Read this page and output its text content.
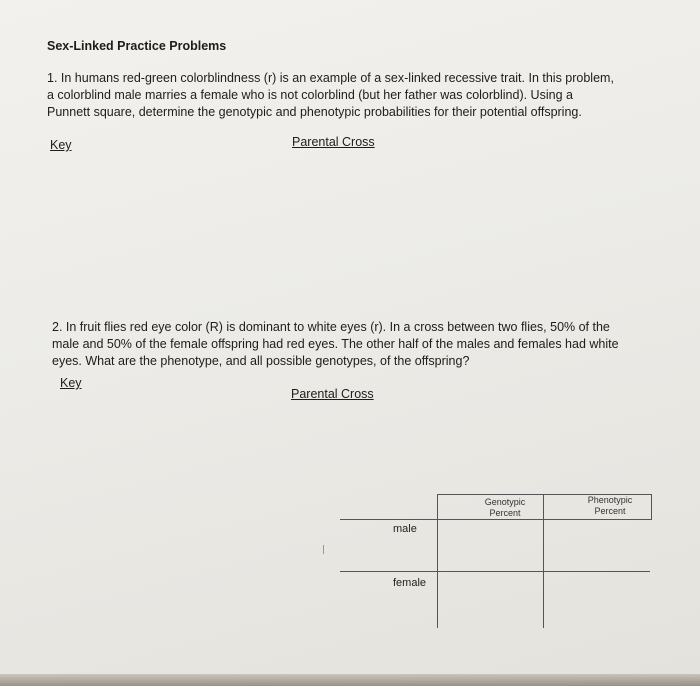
Sex-Linked Practice Problems
1. In humans red-green colorblindness (r) is an example of a sex-linked recessive trait. In this problem,
a colorblind male marries a female who is not colorblind (but her father was colorblind). Using a
Punnett square, determine the genotypic and phenotypic probabilities for their potential offspring.
Key	Parental Cross
2. In fruit flies red eye color (R) is dominant to white eyes (r). In a cross between two flies, 50% of the
male and 50% of the female offspring had red eyes. The other half of the males and females had white
eyes. What are the phenotype, and all possible genotypes, of the offspring?
Key
Parental Cross
Genotypic
Percent
Phenotypic
Percent
male
female
